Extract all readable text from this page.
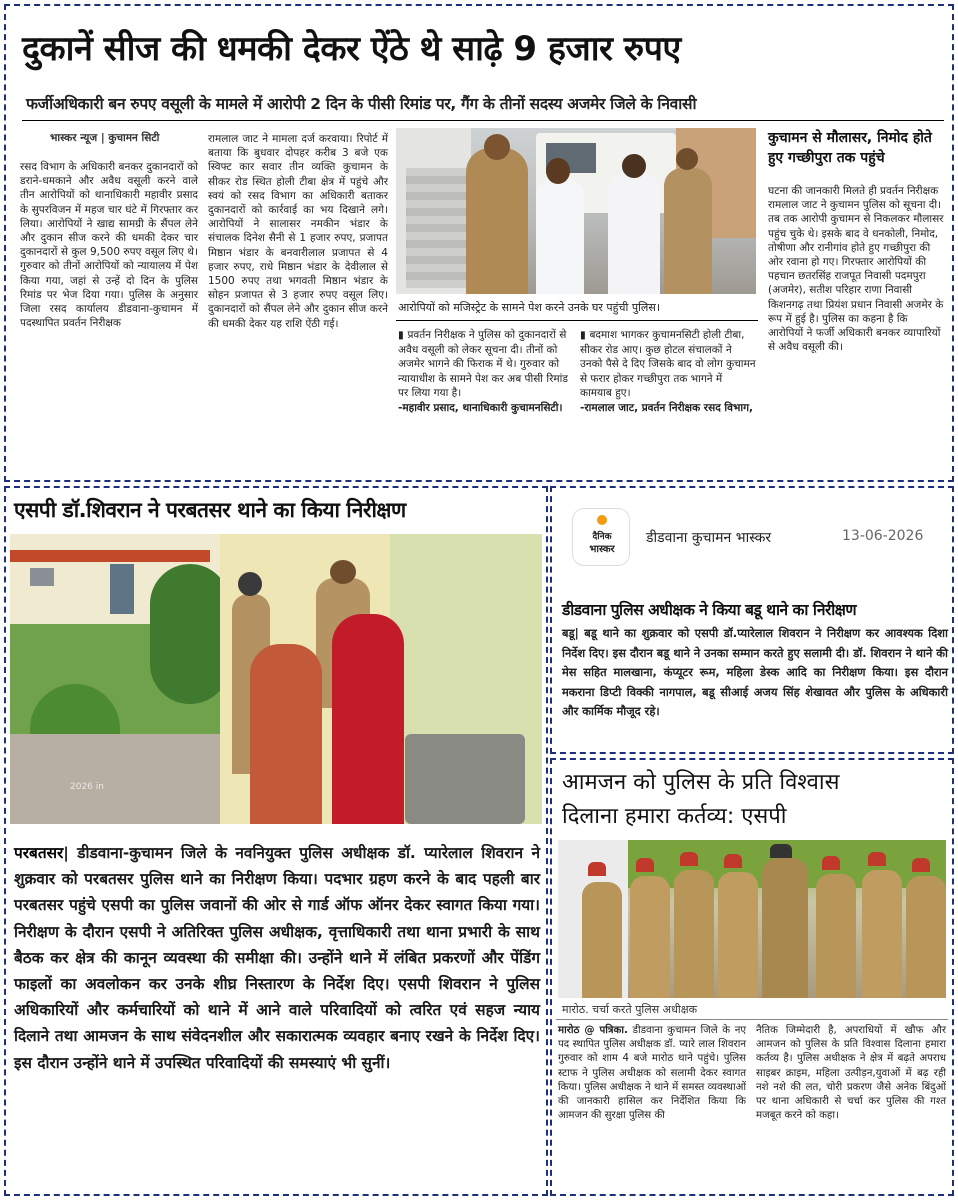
दुकानें सीज की धमकी देकर ऐंठे थे साढ़े 9 हजार रुपए
फर्जीअधिकारी बन रुपए वसूली के मामले में आरोपी 2 दिन के पीसी रिमांड पर, गैंग के तीनों सदस्य अजमेर जिले के निवासी
भास्कर न्यूज | कुचामन सिटी
रसद विभाग के अधिकारी बनकर दुकानदारों को डराने-धमकाने और अवैध वसूली करने वाले तीन आरोपियों को थानाधिकारी महावीर प्रसाद के सुपरविजन में महज चार घंटे में गिरफ्तार कर लिया। आरोपियों ने खाद्य सामग्री के सैंपल लेने और दुकान सीज करने की धमकी देकर चार दुकानदारों से कुल 9,500 रुपए वसूल लिए थे। गुरुवार को तीनों आरोपियों को न्यायालय में पेश किया गया, जहां से उन्हें दो दिन के पुलिस रिमांड पर भेज दिया गया। पुलिस के अनुसार जिला रसद कार्यालय डीडवाना-कुचामन में पदस्थापित प्रवर्तन निरीक्षक
रामलाल जाट ने मामला दर्ज करवाया। रिपोर्ट में बताया कि बुधवार दोपहर करीब 3 बजे एक स्विफ्ट कार सवार तीन व्यक्ति कुचामन के सीकर रोड स्थित होली टीबा क्षेत्र में पहुंचे और स्वयं को रसद विभाग का अधिकारी बताकर दुकानदारों को कार्रवाई का भय दिखाने लगे। आरोपियों ने सालासर नमकीन भंडार के संचालक दिनेश सैनी से 1 हजार रुपए, प्रजापत मिष्ठान भंडार के बनवारीलाल प्रजापत से 4 हजार रुपए, राधे मिष्ठान भंडार के देवीलाल से 1500 रुपए तथा भगवती मिष्ठान भंडार के सोहन प्रजापत से 3 हजार रुपए वसूल लिए। दुकानदारों को सैंपल लेने और दुकान सीज करने की धमकी देकर यह राशि ऐंठी गई।
आरोपियों को मजिस्ट्रेट के सामने पेश करने उनके घर पहुंची पुलिस।
▮ प्रवर्तन निरीक्षक ने पुलिस को दुकानदारों से अवैध वसूली को लेकर सूचना दी। तीनों को अजमेर भागने की फिराक में थे। गुरुवार को न्यायाधीश के सामने पेश कर अब पीसी रिमांड पर लिया गया है।
-महावीर प्रसाद, थानाधिकारी कुचामनसिटी।
▮ बदमाश भागकर कुचामनसिटी होली टीबा, सीकर रोड आए। कुछ होटल संचालकों ने उनको पैसे दे दिए जिसके बाद वो लोग कुचामन से फरार होकर गच्छीपुरा तक भागने में कामयाब हुए।
-रामलाल जाट, प्रवर्तन निरीक्षक रसद विभाग,
कुचामन से मौलासर, निमोद होते हुए गच्छीपुरा तक पहुंचे
घटना की जानकारी मिलते ही प्रवर्तन निरीक्षक रामलाल जाट ने कुचामन पुलिस को सूचना दी। तब तक आरोपी कुचामन से निकलकर मौलासर पहुंच चुके थे। इसके बाद वे धनकोली, निमोद, तोषीणा और रानीगांव होते हुए गच्छीपुरा की ओर रवाना हो गए। गिरफ्तार आरोपियों की पहचान छतरसिंह राजपूत निवासी पदमपुरा (अजमेर), सतीश परिहार राणा निवासी किशनगढ़ तथा प्रियंश प्रधान निवासी अजमेर के रूप में हुई है। पुलिस का कहना है कि आरोपियों ने फर्जी अधिकारी बनकर व्यापारियों से अवैध वसूली की।
एसपी डॉ.शिवरान ने परबतसर थाने का किया निरीक्षण
2026 in
परबतसर| डीडवाना-कुचामन जिले के नवनियुक्त पुलिस अधीक्षक डॉ. प्यारेलाल शिवरान ने शुक्रवार को परबतसर पुलिस थाने का निरीक्षण किया। पदभार ग्रहण करने के बाद पहली बार परबतसर पहुंचे एसपी का पुलिस जवानों की ओर से गार्ड ऑफ ऑनर देकर स्वागत किया गया। निरीक्षण के दौरान एसपी ने अतिरिक्त पुलिस अधीक्षक, वृत्ताधिकारी तथा थाना प्रभारी के साथ बैठक कर क्षेत्र की कानून व्यवस्था की समीक्षा की। उन्होंने थाने में लंबित प्रकरणों और पेंडिंग फाइलों का अवलोकन कर उनके शीघ्र निस्तारण के निर्देश दिए। एसपी शिवरान ने पुलिस अधिकारियों और कर्मचारियों को थाने में आने वाले परिवादियों को त्वरित एवं सहज न्याय दिलाने तथा आमजन के साथ संवेदनशील और सकारात्मक व्यवहार बनाए रखने के निर्देश दिए। इस दौरान उन्होंने थाने में उपस्थित परिवादियों की समस्याएं भी सुनीं।
दैनिक
भास्कर
डीडवाना कुचामन भास्कर	13-06-2026
डीडवाना पुलिस अधीक्षक ने किया बडू थाने का निरीक्षण
बडू| बडू थाने का शुक्रवार को एसपी डॉ.प्यारेलाल शिवरान ने निरीक्षण कर आवश्यक दिशा निर्देश दिए। इस दौरान बडू थाने ने उनका सम्मान करते हुए सलामी दी। डॉ. शिवरान ने थाने की मेस सहित मालखाना, कंप्यूटर रूम, महिला डेस्क आदि का निरीक्षण किया। इस दौरान मकराना डिप्टी विक्की नागपाल, बडू सीआई अजय सिंह शेखावत और पुलिस के अधिकारी और कार्मिक मौजूद रहे।
आमजन को पुलिस के प्रति विश्वास
दिलाना हमारा कर्तव्य: एसपी
मारोठ. चर्चा करते पुलिस अधीक्षक
मारोठ @ पत्रिका. डीडवाना कुचामन जिले के नए पद स्थापित पुलिस अधीक्षक डॉ. प्यारे लाल शिवरान गुरुवार को शाम 4 बजे मारोठ थाने पहुंचे। पुलिस स्टाफ ने पुलिस अधीक्षक को सलामी देकर स्वागत किया। पुलिस अधीक्षक ने थाने में समस्त व्यवस्थाओं की जानकारी हासिल कर निर्देशित किया कि आमजन की सुरक्षा पुलिस की
नैतिक जिम्मेदारी है, अपराधियों में खौफ और आमजन को पुलिस के प्रति विश्वास दिलाना हमारा कर्तव्य है। पुलिस अधीक्षक ने क्षेत्र में बढ़ते अपराध साइबर क्राइम, महिला उत्पीड़न,युवाओं में बढ़ रही नशे नशे की लत, चोरी प्रकरण जैसे अनेक बिंदुओं पर थाना अधिकारी से चर्चा कर पुलिस की गश्त मजबूत करने को कहा।
